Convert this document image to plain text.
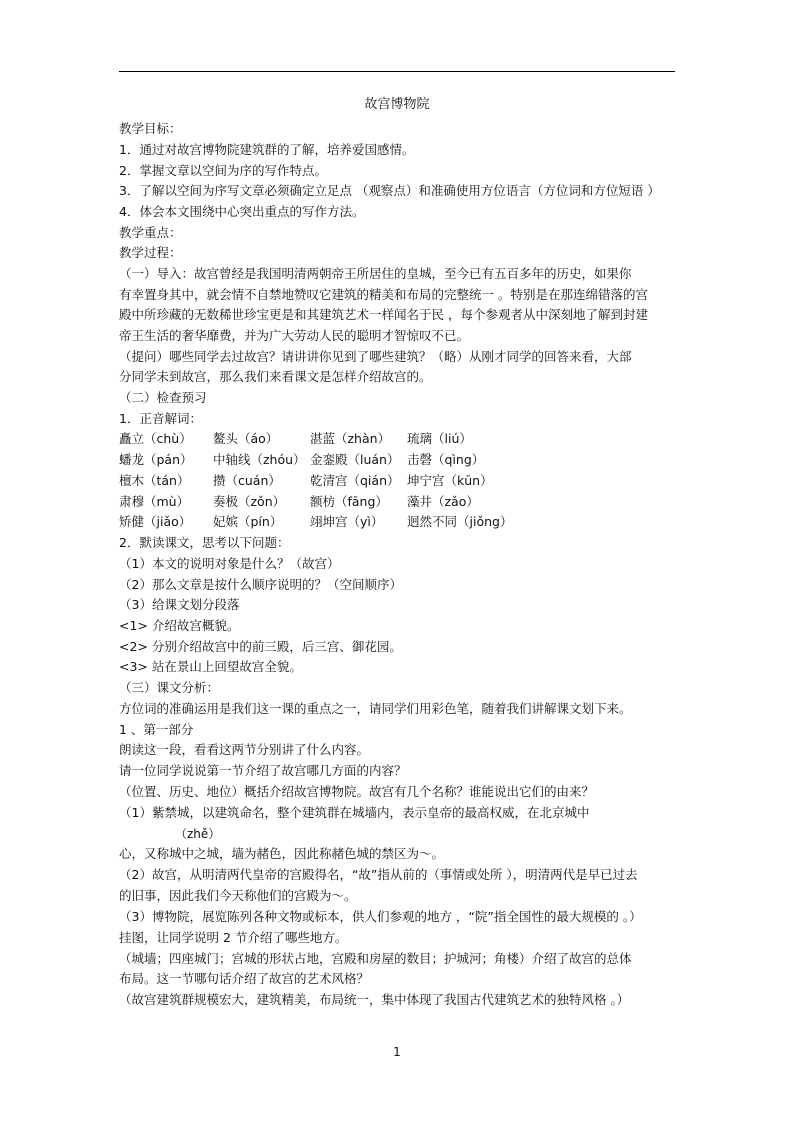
故宫博物院
教学目标：
1．通过对故宫博物院建筑群的了解，培养爱国感情。
2．掌握文章以空间为序的写作特点。
3．了解以空间为序写文章必须确定立足点 （观察点）和准确使用方位语言（方位词和方位短语 ）
4．体会本文围绕中心突出重点的写作方法。
教学重点：
教学过程：
（一）导入：故宫曾经是我国明清两朝帝王所居住的皇城，至今已有五百多年的历史，如果你
有幸置身其中，就会情不自禁地赞叹它建筑的精美和布局的完整统一 。特别是在那连绵错落的宫
殿中所珍藏的无数稀世珍宝更是和其建筑艺术一样闻名于民 ，每个参观者从中深刻地了解到封建
帝王生活的奢华靡费，并为广大劳动人民的聪明才智惊叹不已。
（提问）哪些同学去过故宫？请讲讲你见到了哪些建筑？（略）从刚才同学的回答来看，大部
分同学未到故宫，那么我们来看课文是怎样介绍故宫的。
（二）检查预习
1．正音解词：
矗立（chù） 鳌头（áo）	湛蓝（zhàn） 琉璃（liú）
蟠龙（pán） 中轴线（zhóu） 金銮殿（luán） 击磬（qìng）
檀木（tán） 攒（cuán） 乾清宫（qián） 坤宁宫（kūn）
肃穆（mù） 奏极（zǒn） 额枋（fāng） 藻井（zǎo）
矫健（jiǎo） 妃嫔（pín） 翊坤宫（yì） 迥然不同（jiǒng）
2．默读课文，思考以下问题：
（1）本文的说明对象是什么？（故宫）
（2）那么文章是按什么顺序说明的？（空间顺序）
（3）给课文划分段落
<1> 介绍故宫概貌。
<2> 分别介绍故宫中的前三殿，后三宫、御花园。
<3> 站在景山上回望故宫全貌。
（三）课文分析：
方位词的准确运用是我们这一课的重点之一，请同学们用彩色笔，随着我们讲解课文划下来。
1 、第一部分
朗读这一段，看看这两节分别讲了什么内容。
请一位同学说说第一节介绍了故宫哪几方面的内容？
（位置、历史、地位）概括介绍故宫博物院。故宫有几个名称？谁能说出它们的由来？
（1）紫禁城，以建筑命名，整个建筑群在城墙内，表示皇帝的最高权威，在北京城中
（zhě）
心，又称城中之城，墙为赭色，因此称赭色城的禁区为～。
（2）故宫，从明清两代皇帝的宫殿得名，“故”指从前的（事情或处所 ），明清两代是早已过去
的旧事，因此我们今天称他们的宫殿为～。
（3）博物院，展览陈列各种文物或标本，供人们参观的地方 ，“院”指全国性的最大规模的 。）
挂图，让同学说明 2 节介绍了哪些地方。
（城墙；四座城门；宫城的形状占地，宫殿和房屋的数目；护城河；角楼）介绍了故宫的总体
布局。这一节哪句话介绍了故宫的艺术风格？
（故宫建筑群规模宏大，建筑精美，布局统一，集中体现了我国古代建筑艺术的独特风格 。）
1
